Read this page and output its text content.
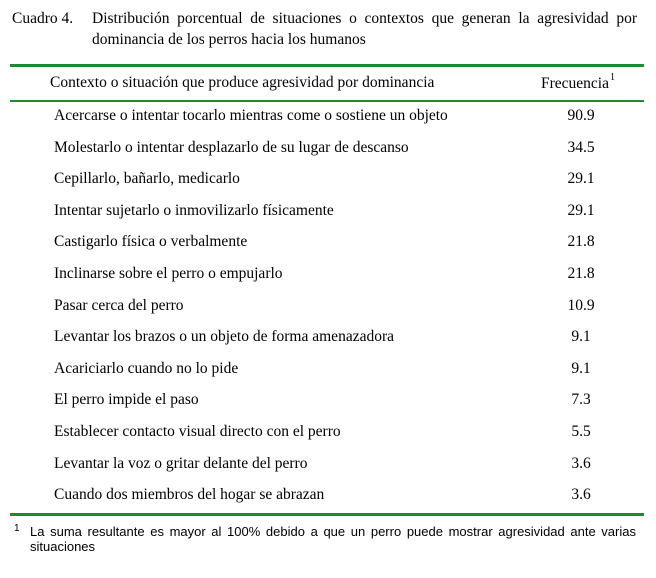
Cuadro 4. Distribución porcentual de situaciones o contextos que generan la agresividad por dominancia de los perros hacia los humanos
Contexto o situación que produce agresividad por dominancia	Frecuencia$^1$
Acercarse o intentar tocarlo mientras come o sostiene un objeto	90.9
Molestarlo o intentar desplazarlo de su lugar de descanso	34.5
Cepillarlo, bañarlo, medicarlo	29.1
Intentar sujetarlo o inmovilizarlo físicamente	29.1
Castigarlo física o verbalmente	21.8
Inclinarse sobre el perro o empujarlo	21.8
Pasar cerca del perro	10.9
Levantar los brazos o un objeto de forma amenazadora	9.1
Acariciarlo cuando no lo pide	9.1
El perro impide el paso	7.3
Establecer contacto visual directo con el perro	5.5
Levantar la voz o gritar delante del perro	3.6
Cuando dos miembros del hogar se abrazan	3.6
1 La suma resultante es mayor al 100% debido a que un perro puede mostrar agresividad ante varias situaciones
